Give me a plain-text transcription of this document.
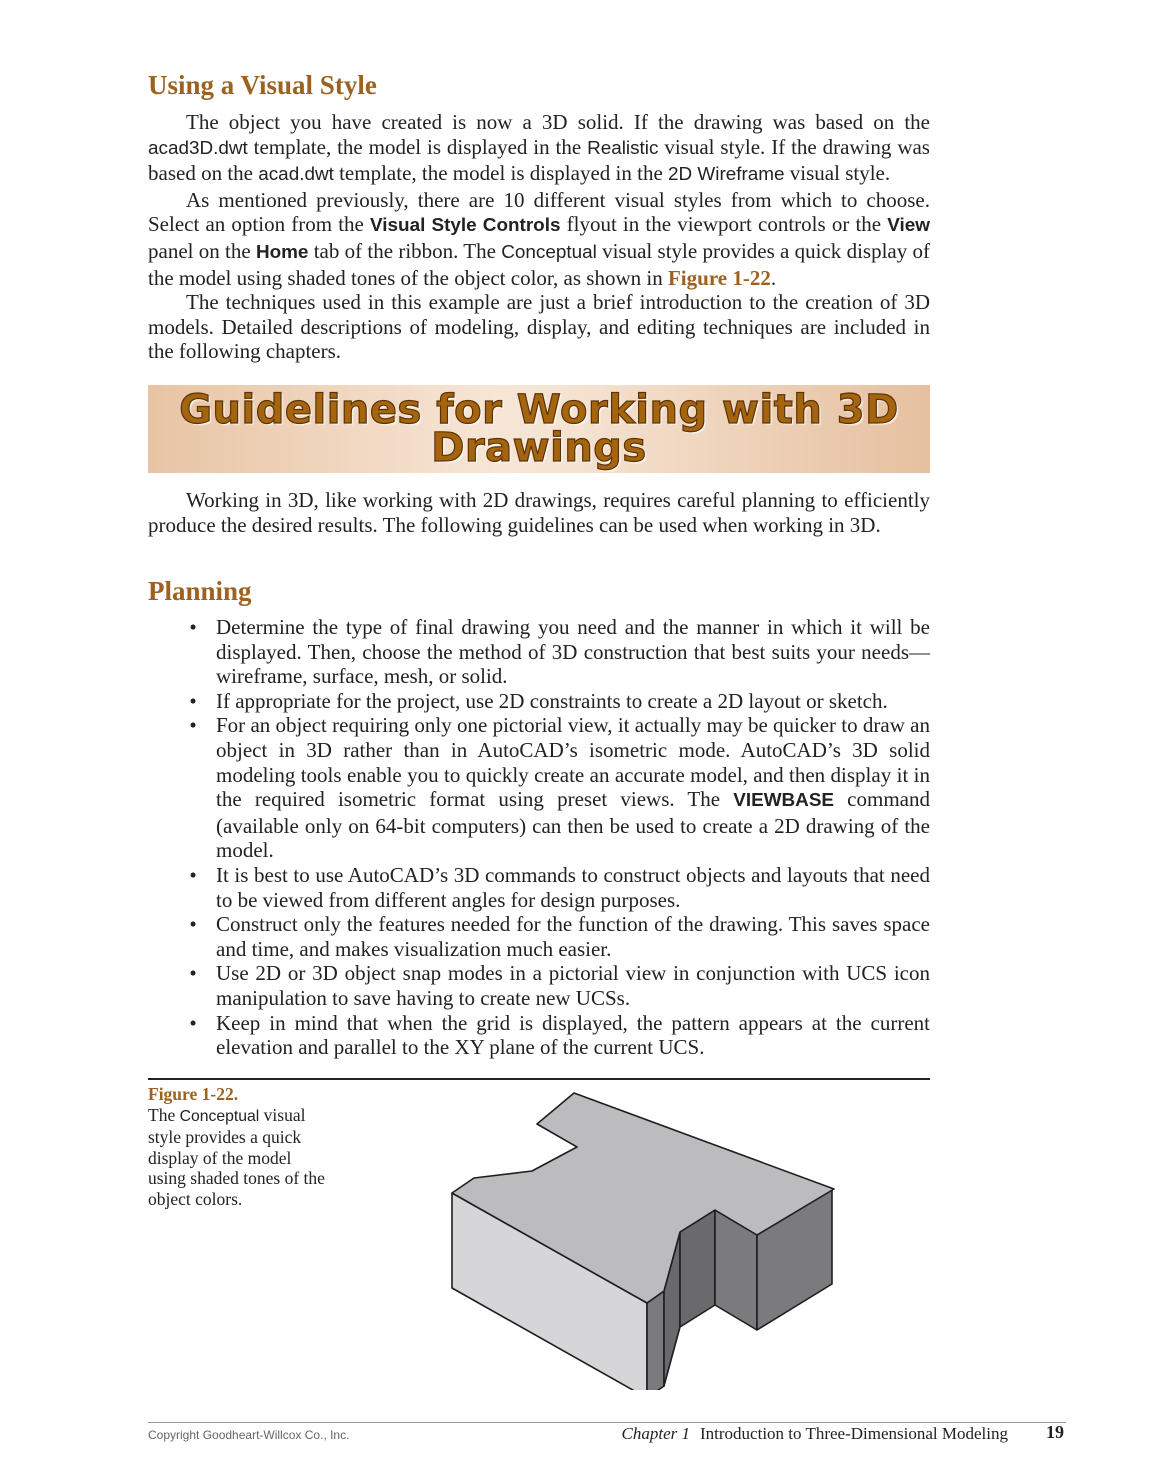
Using a Visual Style

The object you have created is now a 3D solid. If the drawing was based on the acad3D.dwt template, the model is displayed in the Realistic visual style. If the drawing was based on the acad.dwt template, the model is displayed in the 2D Wireframe visual style.

As mentioned previously, there are 10 different visual styles from which to choose. Select an option from the Visual Style Controls flyout in the viewport controls or the View panel on the Home tab of the ribbon. The Conceptual visual style provides a quick display of the model using shaded tones of the object color, as shown in Figure 1-22.

The techniques used in this example are just a brief introduction to the creation of 3D models. Detailed descriptions of modeling, display, and editing techniques are included in the following chapters.

Guidelines for Working with 3D Drawings

Working in 3D, like working with 2D drawings, requires careful planning to efficiently produce the desired results. The following guidelines can be used when working in 3D.

Planning
• Determine the type of final drawing you need and the manner in which it will be displayed. Then, choose the method of 3D construction that best suits your needs—wireframe, surface, mesh, or solid.
• If appropriate for the project, use 2D constraints to create a 2D layout or sketch.
• For an object requiring only one pictorial view, it actually may be quicker to draw an object in 3D rather than in AutoCAD’s isometric mode. AutoCAD’s 3D solid modeling tools enable you to quickly create an accurate model, and then display it in the required isometric format using preset views. The VIEWBASE command (available only on 64-bit computers) can then be used to create a 2D drawing of the model.
• It is best to use AutoCAD’s 3D commands to construct objects and layouts that need to be viewed from different angles for design purposes.
• Construct only the features needed for the function of the drawing. This saves space and time, and makes visualization much easier.
• Use 2D or 3D object snap modes in a pictorial view in conjunction with UCS icon manipulation to save having to create new UCSs.
• Keep in mind that when the grid is displayed, the pattern appears at the current elevation and parallel to the XY plane of the current UCS.

Figure 1-22.
The Conceptual visual style provides a quick display of the model using shaded tones of the object colors.

Copyright Goodheart-Willcox Co., Inc.	Chapter 1 Introduction to Three-Dimensional Modeling 19
